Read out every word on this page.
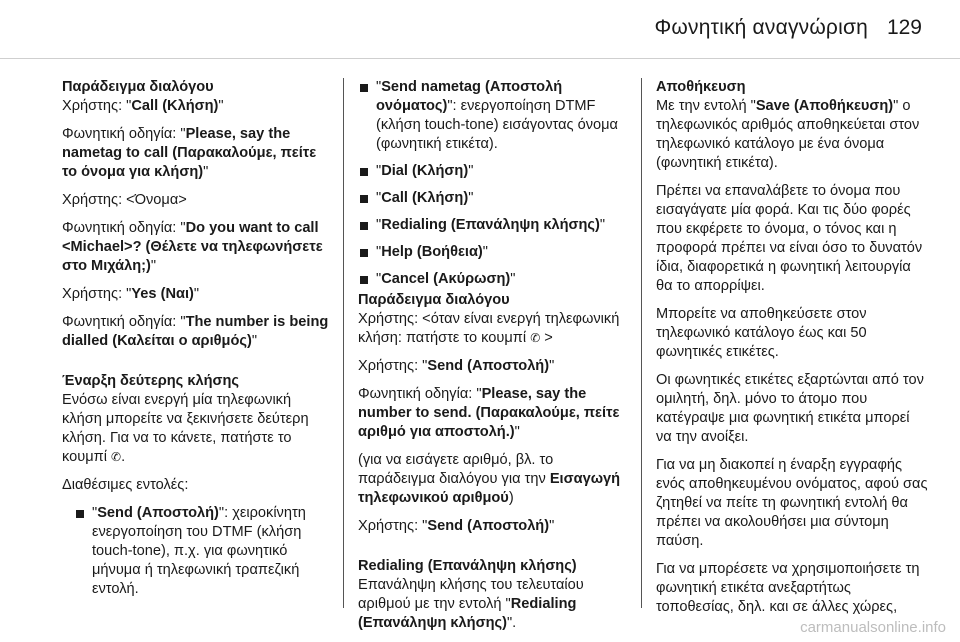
Φωνητική αναγνώριση 129
Παράδειγμα διαλόγου

Χρήστης: "Call (Κλήση)"

Φωνητική οδηγία: "Please, say the nametag to call (Παρακαλούμε, πείτε το όνομα για κλήση)"

Χρήστης: <Όνομα>

Φωνητική οδηγία: "Do you want to call <Michael>? (Θέλετε να τηλεφωνήσετε στο Μιχάλη;)"

Χρήστης: "Yes (Ναι)"

Φωνητική οδηγία: "The number is being dialled (Καλείται ο αριθμός)"

Έναρξη δεύτερης κλήσης

Ενόσω είναι ενεργή μία τηλεφωνική κλήση μπορείτε να ξεκινήσετε δεύτερη κλήση. Για να το κάνετε, πατήστε το κουμπί ✆.

Διαθέσιμες εντολές:

"Send (Αποστολή)": χειροκίνητη ενεργοποίηση του DTMF (κλήση touch-tone), π.χ. για φωνητικό μήνυμα ή τηλεφωνική τραπεζική εντολή.
"Send nametag (Αποστολή ονόματος)": ενεργοποίηση DTMF (κλήση touch-tone) εισάγοντας όνομα (φωνητική ετικέτα).
"Dial (Κλήση)"
"Call (Κλήση)"
"Redialing (Επανάληψη κλήσης)"
"Help (Βοήθεια)"
"Cancel (Ακύρωση)"
Παράδειγμα διαλόγου

Χρήστης: <όταν είναι ενεργή τηλεφωνική κλήση: πατήστε το κουμπί ✆ >

Χρήστης: "Send (Αποστολή)"

Φωνητική οδηγία: "Please, say the number to send. (Παρακαλούμε, πείτε αριθμό για αποστολή.)"

(για να εισάγετε αριθμό, βλ. το παράδειγμα διαλόγου για την Εισαγωγή τηλεφωνικού αριθμού)

Χρήστης: "Send (Αποστολή)"

Redialing (Επανάληψη κλήσης)

Επανάληψη κλήσης του τελευταίου αριθμού με την εντολή "Redialing (Επανάληψη κλήσης)".

Αποθήκευση

Με την εντολή "Save (Αποθήκευση)" ο τηλεφωνικός αριθμός αποθηκεύεται στον τηλεφωνικό κατάλογο με ένα όνομα (φωνητική ετικέτα).

Πρέπει να επαναλάβετε το όνομα που εισαγάγατε μία φορά. Και τις δύο φορές που εκφέρετε το όνομα, ο τόνος και η προφορά πρέπει να είναι όσο το δυνατόν ίδια, διαφορετικά η φωνητική λειτουργία θα το απορρίψει.

Μπορείτε να αποθηκεύσετε στον τηλεφωνικό κατάλογο έως και 50 φωνητικές ετικέτες.

Οι φωνητικές ετικέτες εξαρτώνται από τον ομιλητή, δηλ. μόνο το άτομο που κατέγραψε μια φωνητική ετικέτα μπορεί να την ανοίξει.

Για να μη διακοπεί η έναρξη εγγραφής ενός αποθηκευμένου ονόματος, αφού σας ζητηθεί να πείτε τη φωνητική εντολή θα πρέπει να ακολουθήσει μια σύντομη παύση.

Για να μπορέσετε να χρησιμοποιήσετε τη φωνητική ετικέτα ανεξαρτήτως τοποθεσίας, δηλ. και σε άλλες χώρες,

carmanualsonline.info
